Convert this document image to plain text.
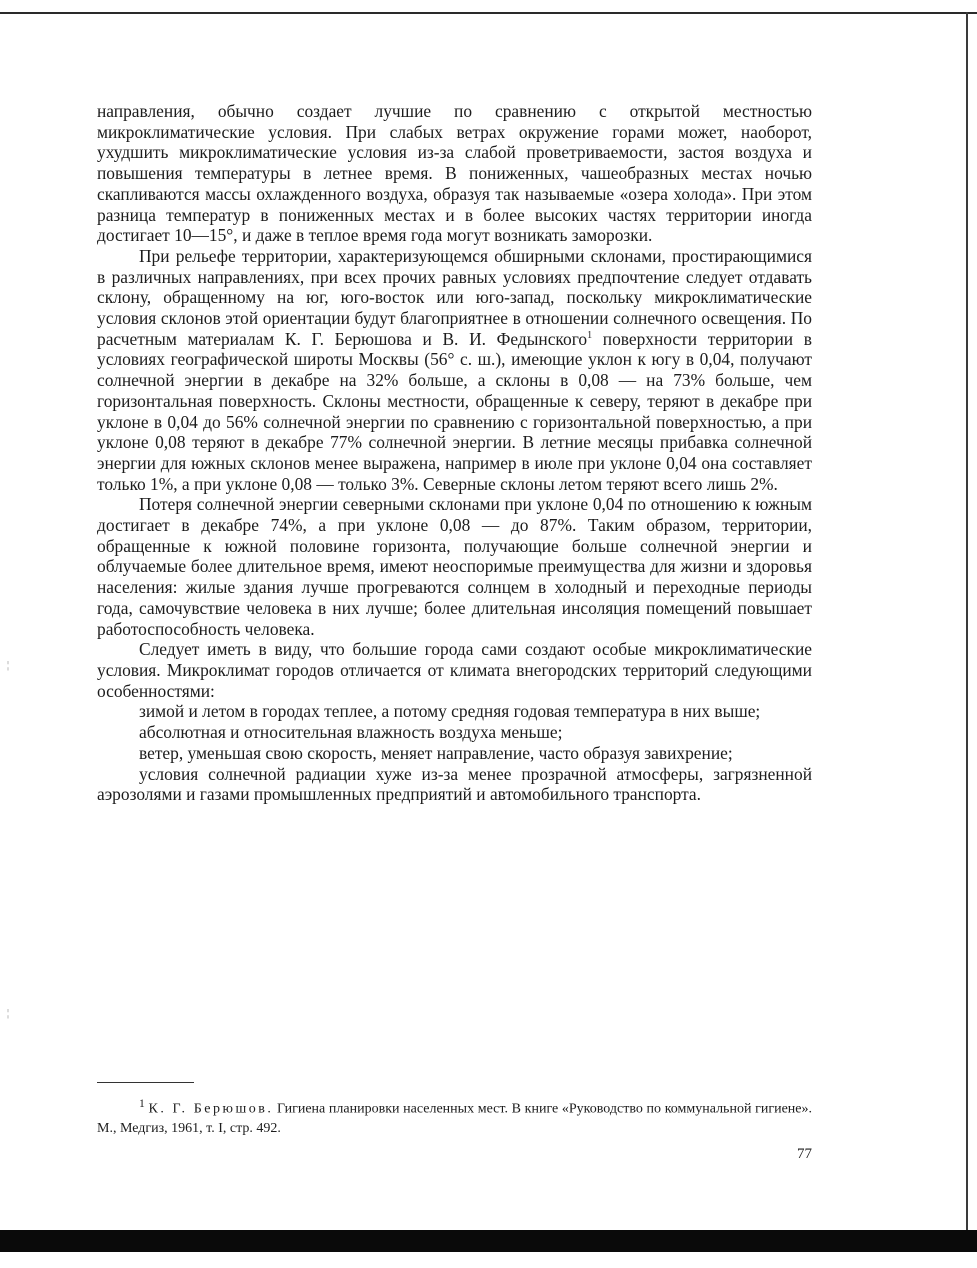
направления, обычно создает лучшие по сравнению с открытой местностью микроклиматические условия. При слабых ветрах окружение горами может, наоборот, ухудшить микроклиматические условия из-за слабой проветриваемости, застоя воздуха и повышения температуры в летнее время. В пониженных, чашеобразных местах ночью скапливаются массы охлажденного воздуха, образуя так называемые «озера холода». При этом разница температур в пониженных местах и в более высоких частях территории иногда достигает 10—15°, и даже в теплое время года могут возникать заморозки.

При рельефе территории, характеризующемся обширными склонами, простирающимися в различных направлениях, при всех прочих равных условиях предпочтение следует отдавать склону, обращенному на юг, юго-восток или юго-запад, поскольку микроклиматические условия склонов этой ориентации будут благоприятнее в отношении солнечного освещения. По расчетным материалам К. Г. Берюшова и В. И. Федынского$^1$ поверхности территории в условиях географической широты Москвы (56° с. ш.), имеющие уклон к югу в 0,04, получают солнечной энергии в декабре на 32% больше, а склоны в 0,08 — на 73% больше, чем горизонтальная поверхность. Склоны местности, обращенные к северу, теряют в декабре при уклоне в 0,04 до 56% солнечной энергии по сравнению с горизонтальной поверхностью, а при уклоне 0,08 теряют в декабре 77% солнечной энергии. В летние месяцы прибавка солнечной энергии для южных склонов менее выражена, например в июле при уклоне 0,04 она составляет только 1%, а при уклоне 0,08 — только 3%. Северные склоны летом теряют всего лишь 2%.

Потеря солнечной энергии северными склонами при уклоне 0,04 по отношению к южным достигает в декабре 74%, а при уклоне 0,08 — до 87%. Таким образом, территории, обращенные к южной половине горизонта, получающие больше солнечной энергии и облучаемые более длительное время, имеют неоспоримые преимущества для жизни и здоровья населения: жилые здания лучше прогреваются солнцем в холодный и переходные периоды года, самочувствие человека в них лучше; более длительная инсоляция помещений повышает работоспособность человека.

Следует иметь в виду, что большие города сами создают особые микроклиматические условия. Микроклимат городов отличается от климата внегородских территорий следующими особенностями:

зимой и летом в городах теплее, а потому средняя годовая температура в них выше;

абсолютная и относительная влажность воздуха меньше;

ветер, уменьшая свою скорость, меняет направление, часто образуя завихрение;

условия солнечной радиации хуже из-за менее прозрачной атмосферы, загрязненной аэрозолями и газами промышленных предприятий и автомобильного транспорта.

$^1$ К. Г. Берюшов. Гигиена планировки населенных мест. В книге «Руководство по коммунальной гигиене». М., Медгиз, 1961, т. I, стр. 492.
77
¦
¦
